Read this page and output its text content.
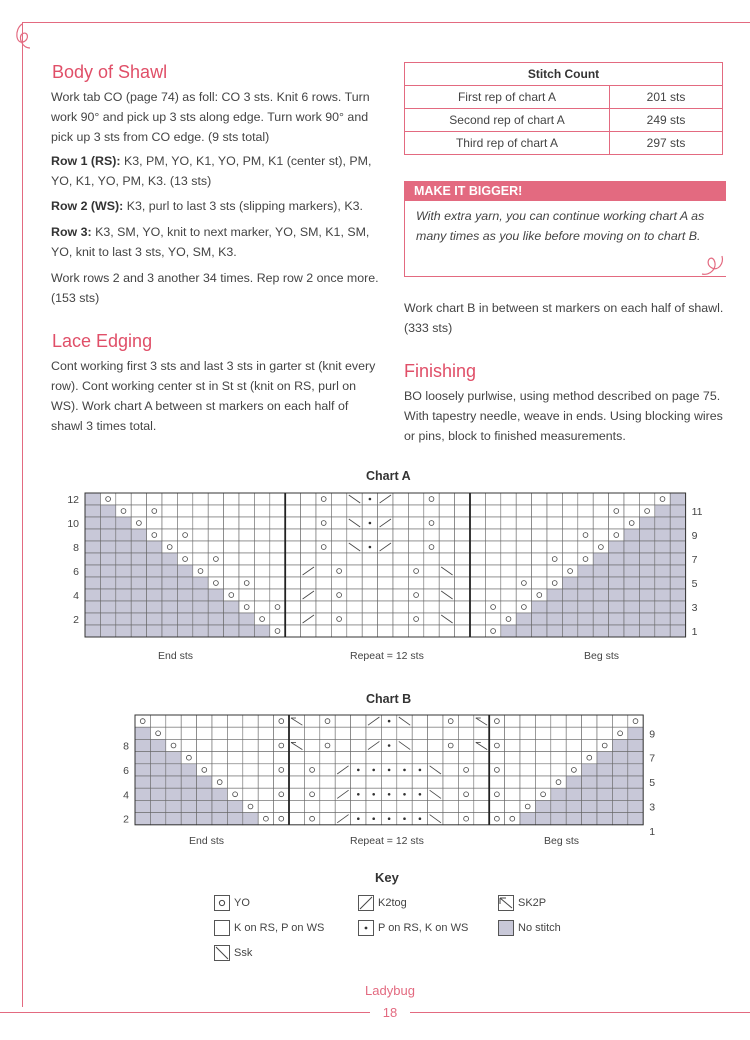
Body of Shawl
Work tab CO (page 74) as foll: CO 3 sts. Knit 6 rows. Turn work 90° and pick up 3 sts along edge. Turn work 90° and pick up 3 sts from CO edge. (9 sts total)
Row 1 (RS): K3, PM, YO, K1, YO, PM, K1 (center st), PM, YO, K1, YO, PM, K3. (13 sts)
Row 2 (WS): K3, purl to last 3 sts (slipping markers), K3.
Row 3: K3, SM, YO, knit to next marker, YO, SM, K1, SM, YO, knit to last 3 sts, YO, SM, K3.
Work rows 2 and 3 another 34 times. Rep row 2 once more. (153 sts)
Lace Edging
Cont working first 3 sts and last 3 sts in garter st (knit every row). Cont working center st in St st (knit on RS, purl on WS). Work chart A between st markers on each half of shawl 3 times total.
Stitch Count	
First rep of chart A	201 sts
Second rep of chart A	249 sts
Third rep of chart A	297 sts
MAKE IT BIGGER!
With extra yarn, you can continue working chart A as many times as you like before moving on to chart B.
Work chart B in between st markers on each half of shawl. (333 sts)
Finishing
BO loosely purlwise, using method described on page 75. With tapestry needle, weave in ends. Using blocking wires or pins, block to finished measurements.
Chart A
12
10
8
6
4
2
11
9
7
5
3
1
End sts	Repeat = 12 sts	Beg sts
Chart B
8
6
4
2
9
7
5
3
1
End sts	Repeat = 12 sts	Beg sts
Key
YO	K2tog	SK2P
K on RS, P on WS	P on RS, K on WS	No stitch
Ssk
Ladybug
18
